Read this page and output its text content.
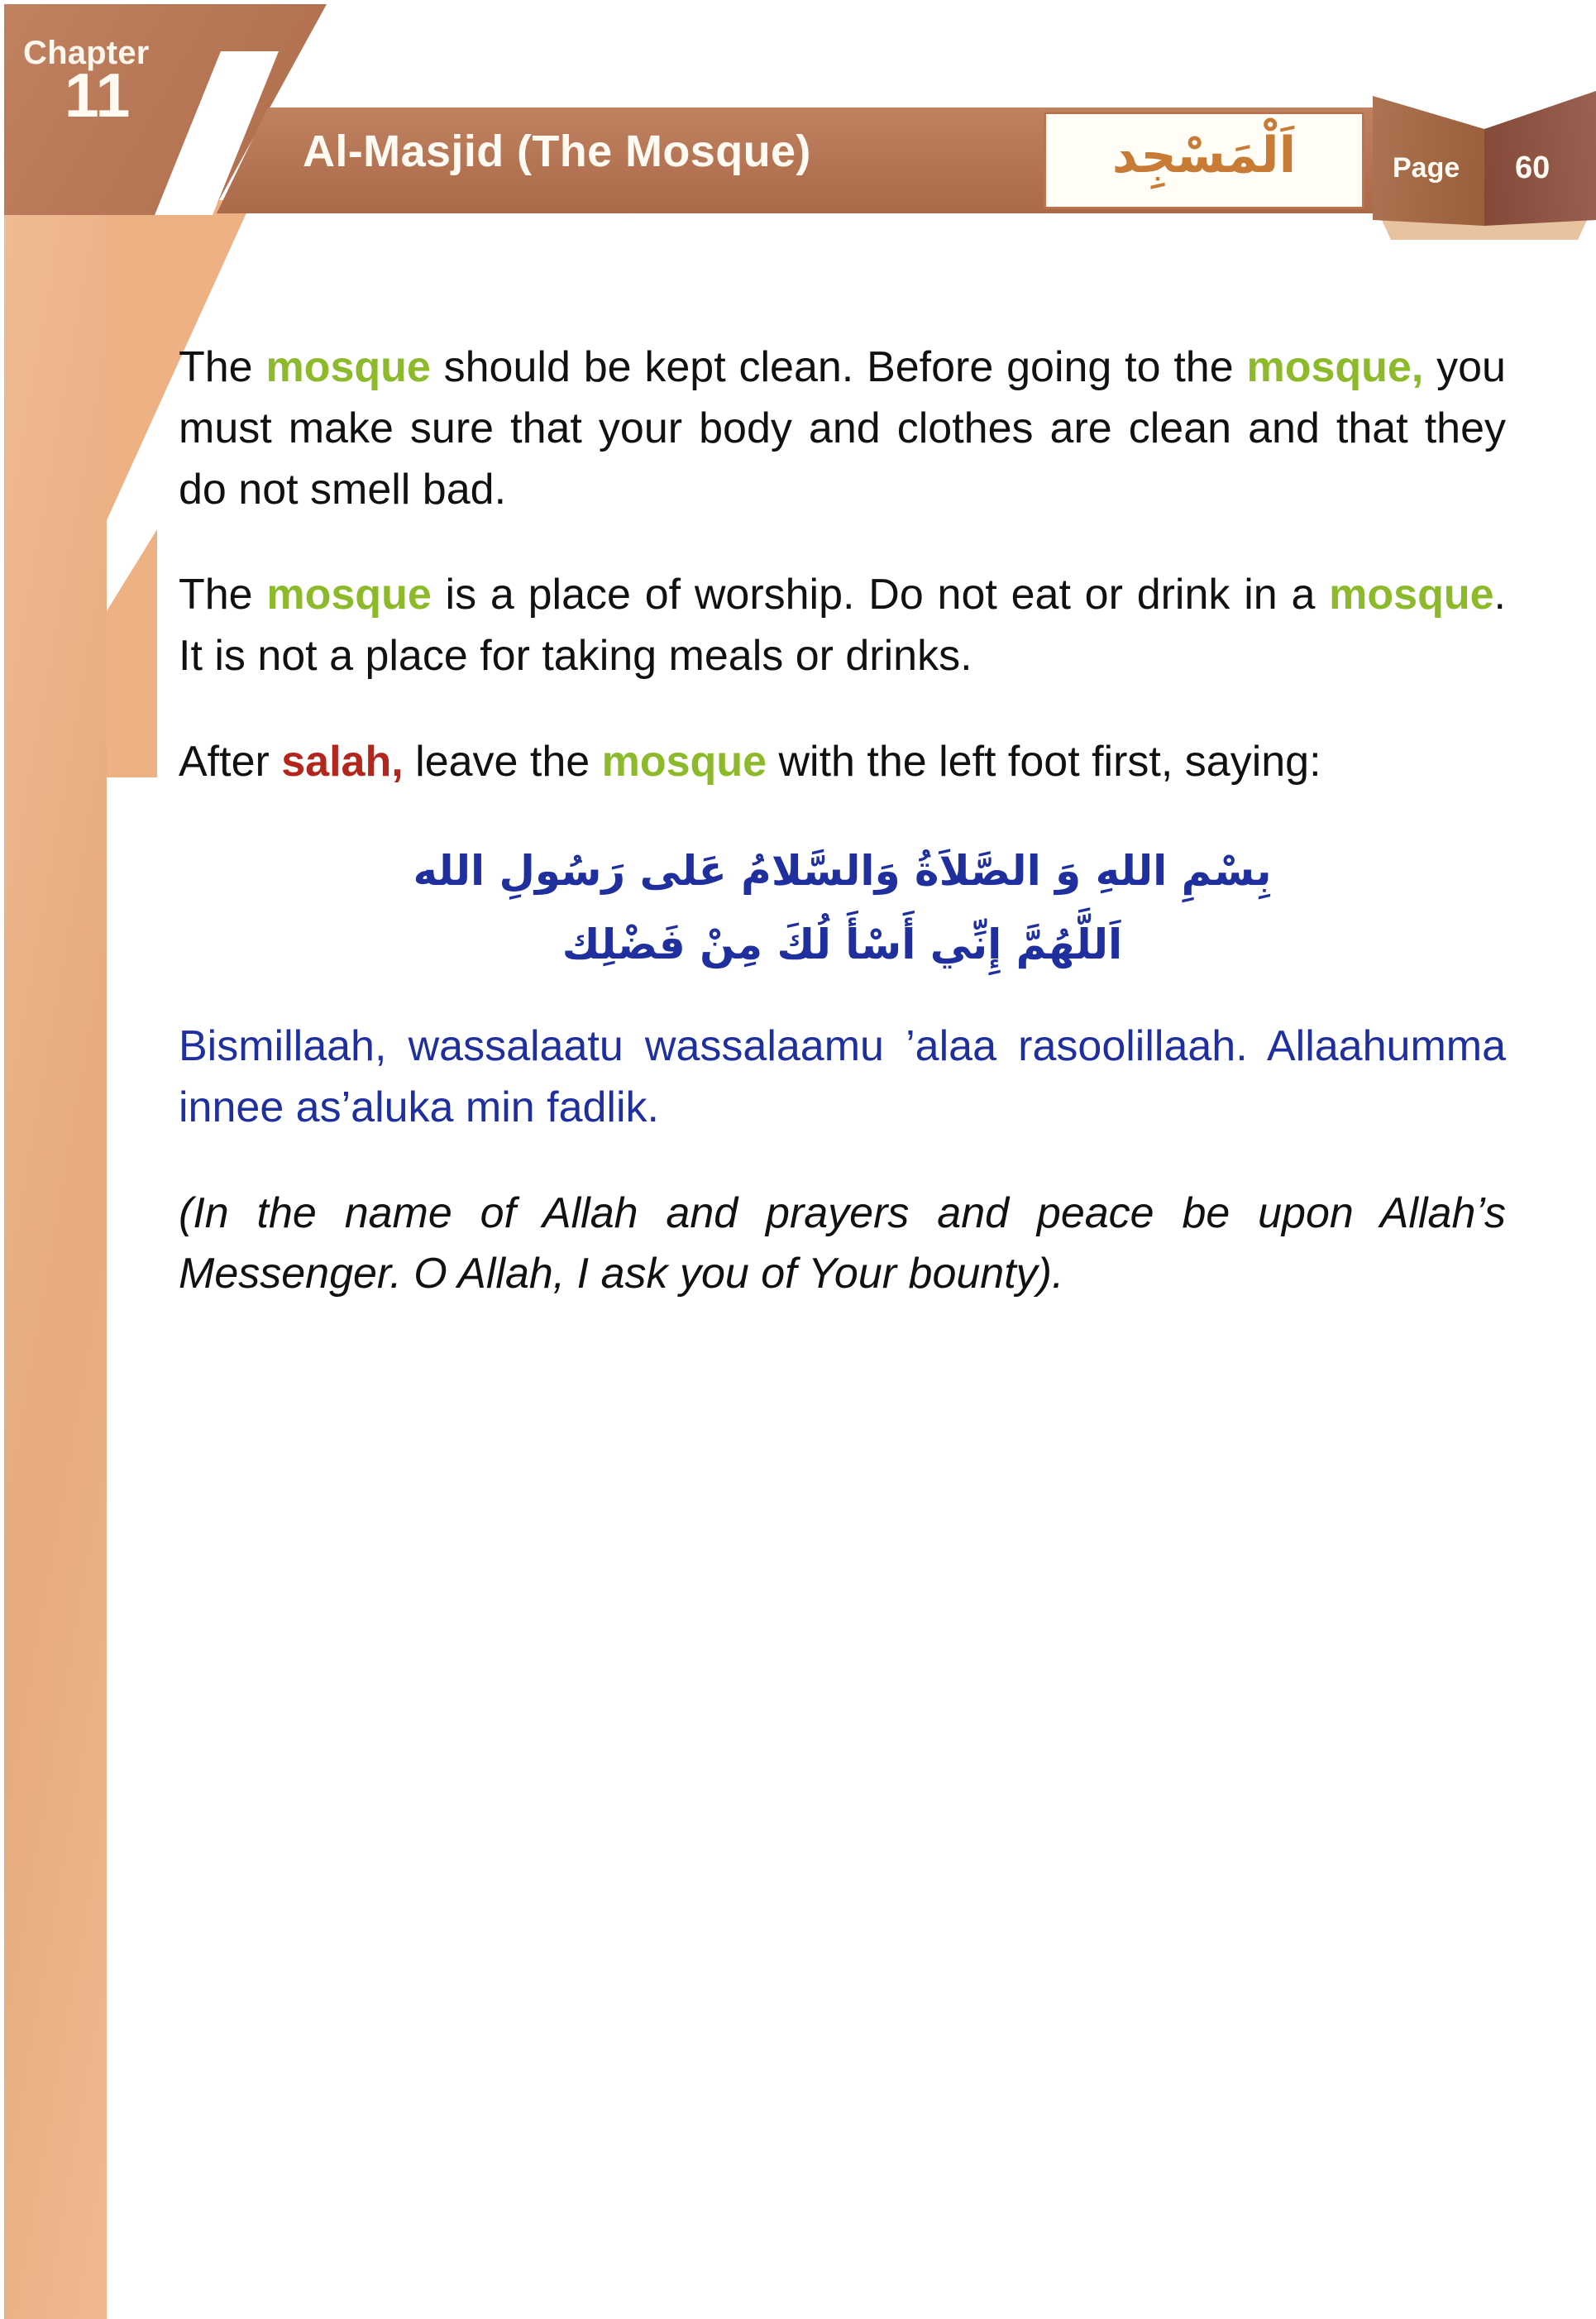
Chapter
11
Al-Masjid (The Mosque)	اَلْمَسْجِد	Page 60

The mosque should be kept clean. Before going to the mosque, you must make sure that your body and clothes are clean and that they do not smell bad.

The mosque is a place of worship. Do not eat or drink in a mosque. It is not a place for taking meals or drinks.

After salah, leave the mosque with the left foot first, saying:

بِسْمِ اللهِ وَ الصَّلاَةُ وَالسَّلامُ عَلى رَسُولِ الله
اَللَّهُمَّ إِنِّي أَسْأَ لُكَ مِنْ فَضْلِك

Bismillaah, wassalaatu wassalaamu ’alaa rasoolillaah. Allaahumma innee as’aluka min fadlik.

(In the name of Allah and prayers and peace be upon Allah’s Messenger. O Allah, I ask you of Your bounty).
